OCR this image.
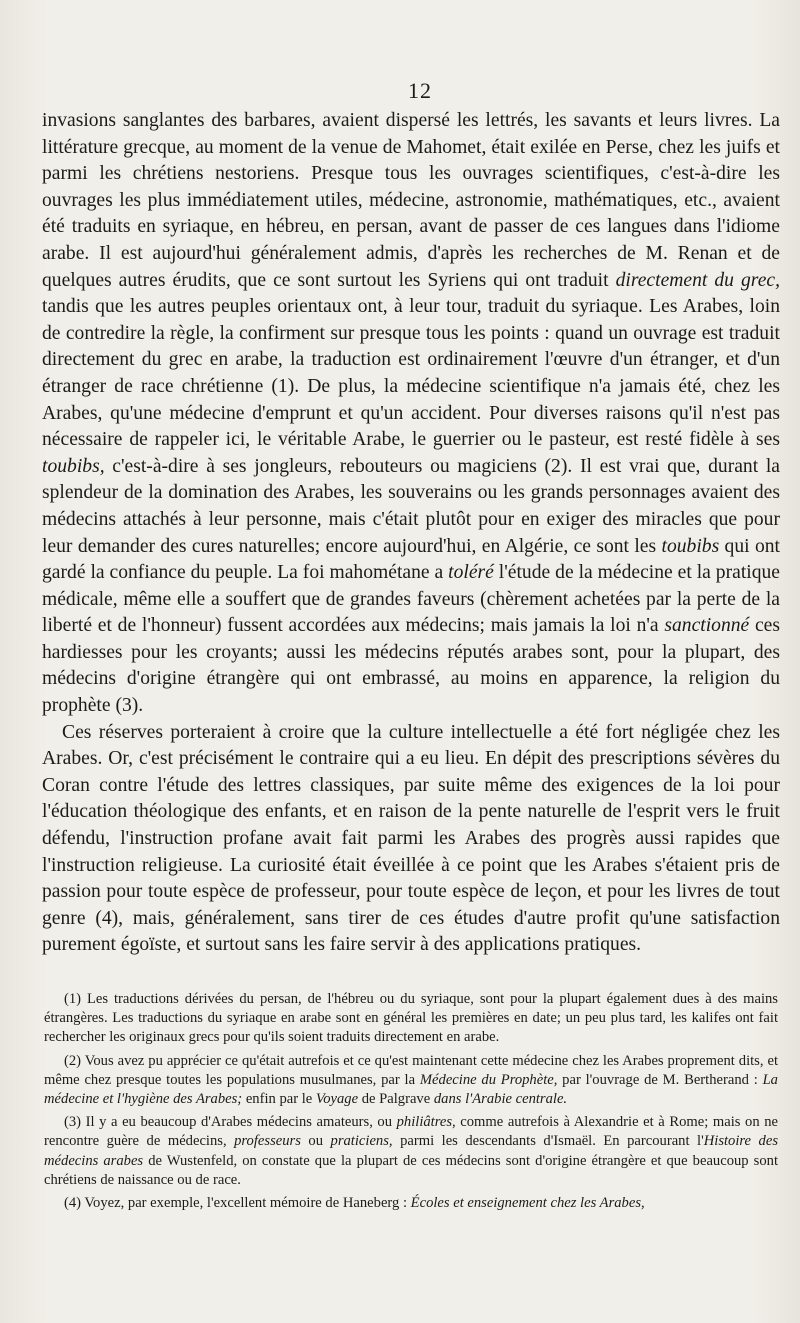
12

invasions sanglantes des barbares, avaient dispersé les lettrés, les savants et leurs livres. La littérature grecque, au moment de la venue de Mahomet, était exilée en Perse, chez les juifs et parmi les chrétiens nestoriens. Presque tous les ouvrages scientifiques, c'est-à-dire les ouvrages les plus immédiatement utiles, médecine, astronomie, mathématiques, etc., avaient été traduits en syriaque, en hébreu, en persan, avant de passer de ces langues dans l'idiome arabe. Il est aujourd'hui généralement admis, d'après les recherches de M. Renan et de quelques autres érudits, que ce sont surtout les Syriens qui ont traduit directement du grec, tandis que les autres peuples orientaux ont, à leur tour, traduit du syriaque. Les Arabes, loin de contredire la règle, la confirment sur presque tous les points : quand un ouvrage est traduit directement du grec en arabe, la traduction est ordinairement l'œuvre d'un étranger, et d'un étranger de race chrétienne (1). De plus, la médecine scientifique n'a jamais été, chez les Arabes, qu'une médecine d'emprunt et qu'un accident. Pour diverses raisons qu'il n'est pas nécessaire de rappeler ici, le véritable Arabe, le guerrier ou le pasteur, est resté fidèle à ses toubibs, c'est-à-dire à ses jongleurs, rebouteurs ou magiciens (2). Il est vrai que, durant la splendeur de la domination des Arabes, les souverains ou les grands personnages avaient des médecins attachés à leur personne, mais c'était plutôt pour en exiger des miracles que pour leur demander des cures naturelles; encore aujourd'hui, en Algérie, ce sont les toubibs qui ont gardé la confiance du peuple. La foi mahométane a toléré l'étude de la médecine et la pratique médicale, même elle a souffert que de grandes faveurs (chèrement achetées par la perte de la liberté et de l'honneur) fussent accordées aux médecins; mais jamais la loi n'a sanctionné ces hardiesses pour les croyants; aussi les médecins réputés arabes sont, pour la plupart, des médecins d'origine étrangère qui ont embrassé, au moins en apparence, la religion du prophète (3).

Ces réserves porteraient à croire que la culture intellectuelle a été fort négligée chez les Arabes. Or, c'est précisément le contraire qui a eu lieu. En dépit des prescriptions sévères du Coran contre l'étude des lettres classiques, par suite même des exigences de la loi pour l'éducation théologique des enfants, et en raison de la pente naturelle de l'esprit vers le fruit défendu, l'instruction profane avait fait parmi les Arabes des progrès aussi rapides que l'instruction religieuse. La curiosité était éveillée à ce point que les Arabes s'étaient pris de passion pour toute espèce de professeur, pour toute espèce de leçon, et pour les livres de tout genre (4), mais, généralement, sans tirer de ces études d'autre profit qu'une satisfaction purement égoïste, et surtout sans les faire servir à des applications pratiques.

(1) Les traductions dérivées du persan, de l'hébreu ou du syriaque, sont pour la plupart également dues à des mains étrangères. Les traductions du syriaque en arabe sont en général les premières en date; un peu plus tard, les kalifes ont fait rechercher les originaux grecs pour qu'ils soient traduits directement en arabe.

(2) Vous avez pu apprécier ce qu'était autrefois et ce qu'est maintenant cette médecine chez les Arabes proprement dits, et même chez presque toutes les populations musulmanes, par la Médecine du Prophète, par l'ouvrage de M. Bertherand : La médecine et l'hygiène des Arabes; enfin par le Voyage de Palgrave dans l'Arabie centrale.

(3) Il y a eu beaucoup d'Arabes médecins amateurs, ou philiâtres, comme autrefois à Alexandrie et à Rome; mais on ne rencontre guère de médecins, professeurs ou praticiens, parmi les descendants d'Ismaël. En parcourant l'Histoire des médecins arabes de Wustenfeld, on constate que la plupart de ces médecins sont d'origine étrangère et que beaucoup sont chrétiens de naissance ou de race.

(4) Voyez, par exemple, l'excellent mémoire de Haneberg : Écoles et enseignement chez les Arabes,
